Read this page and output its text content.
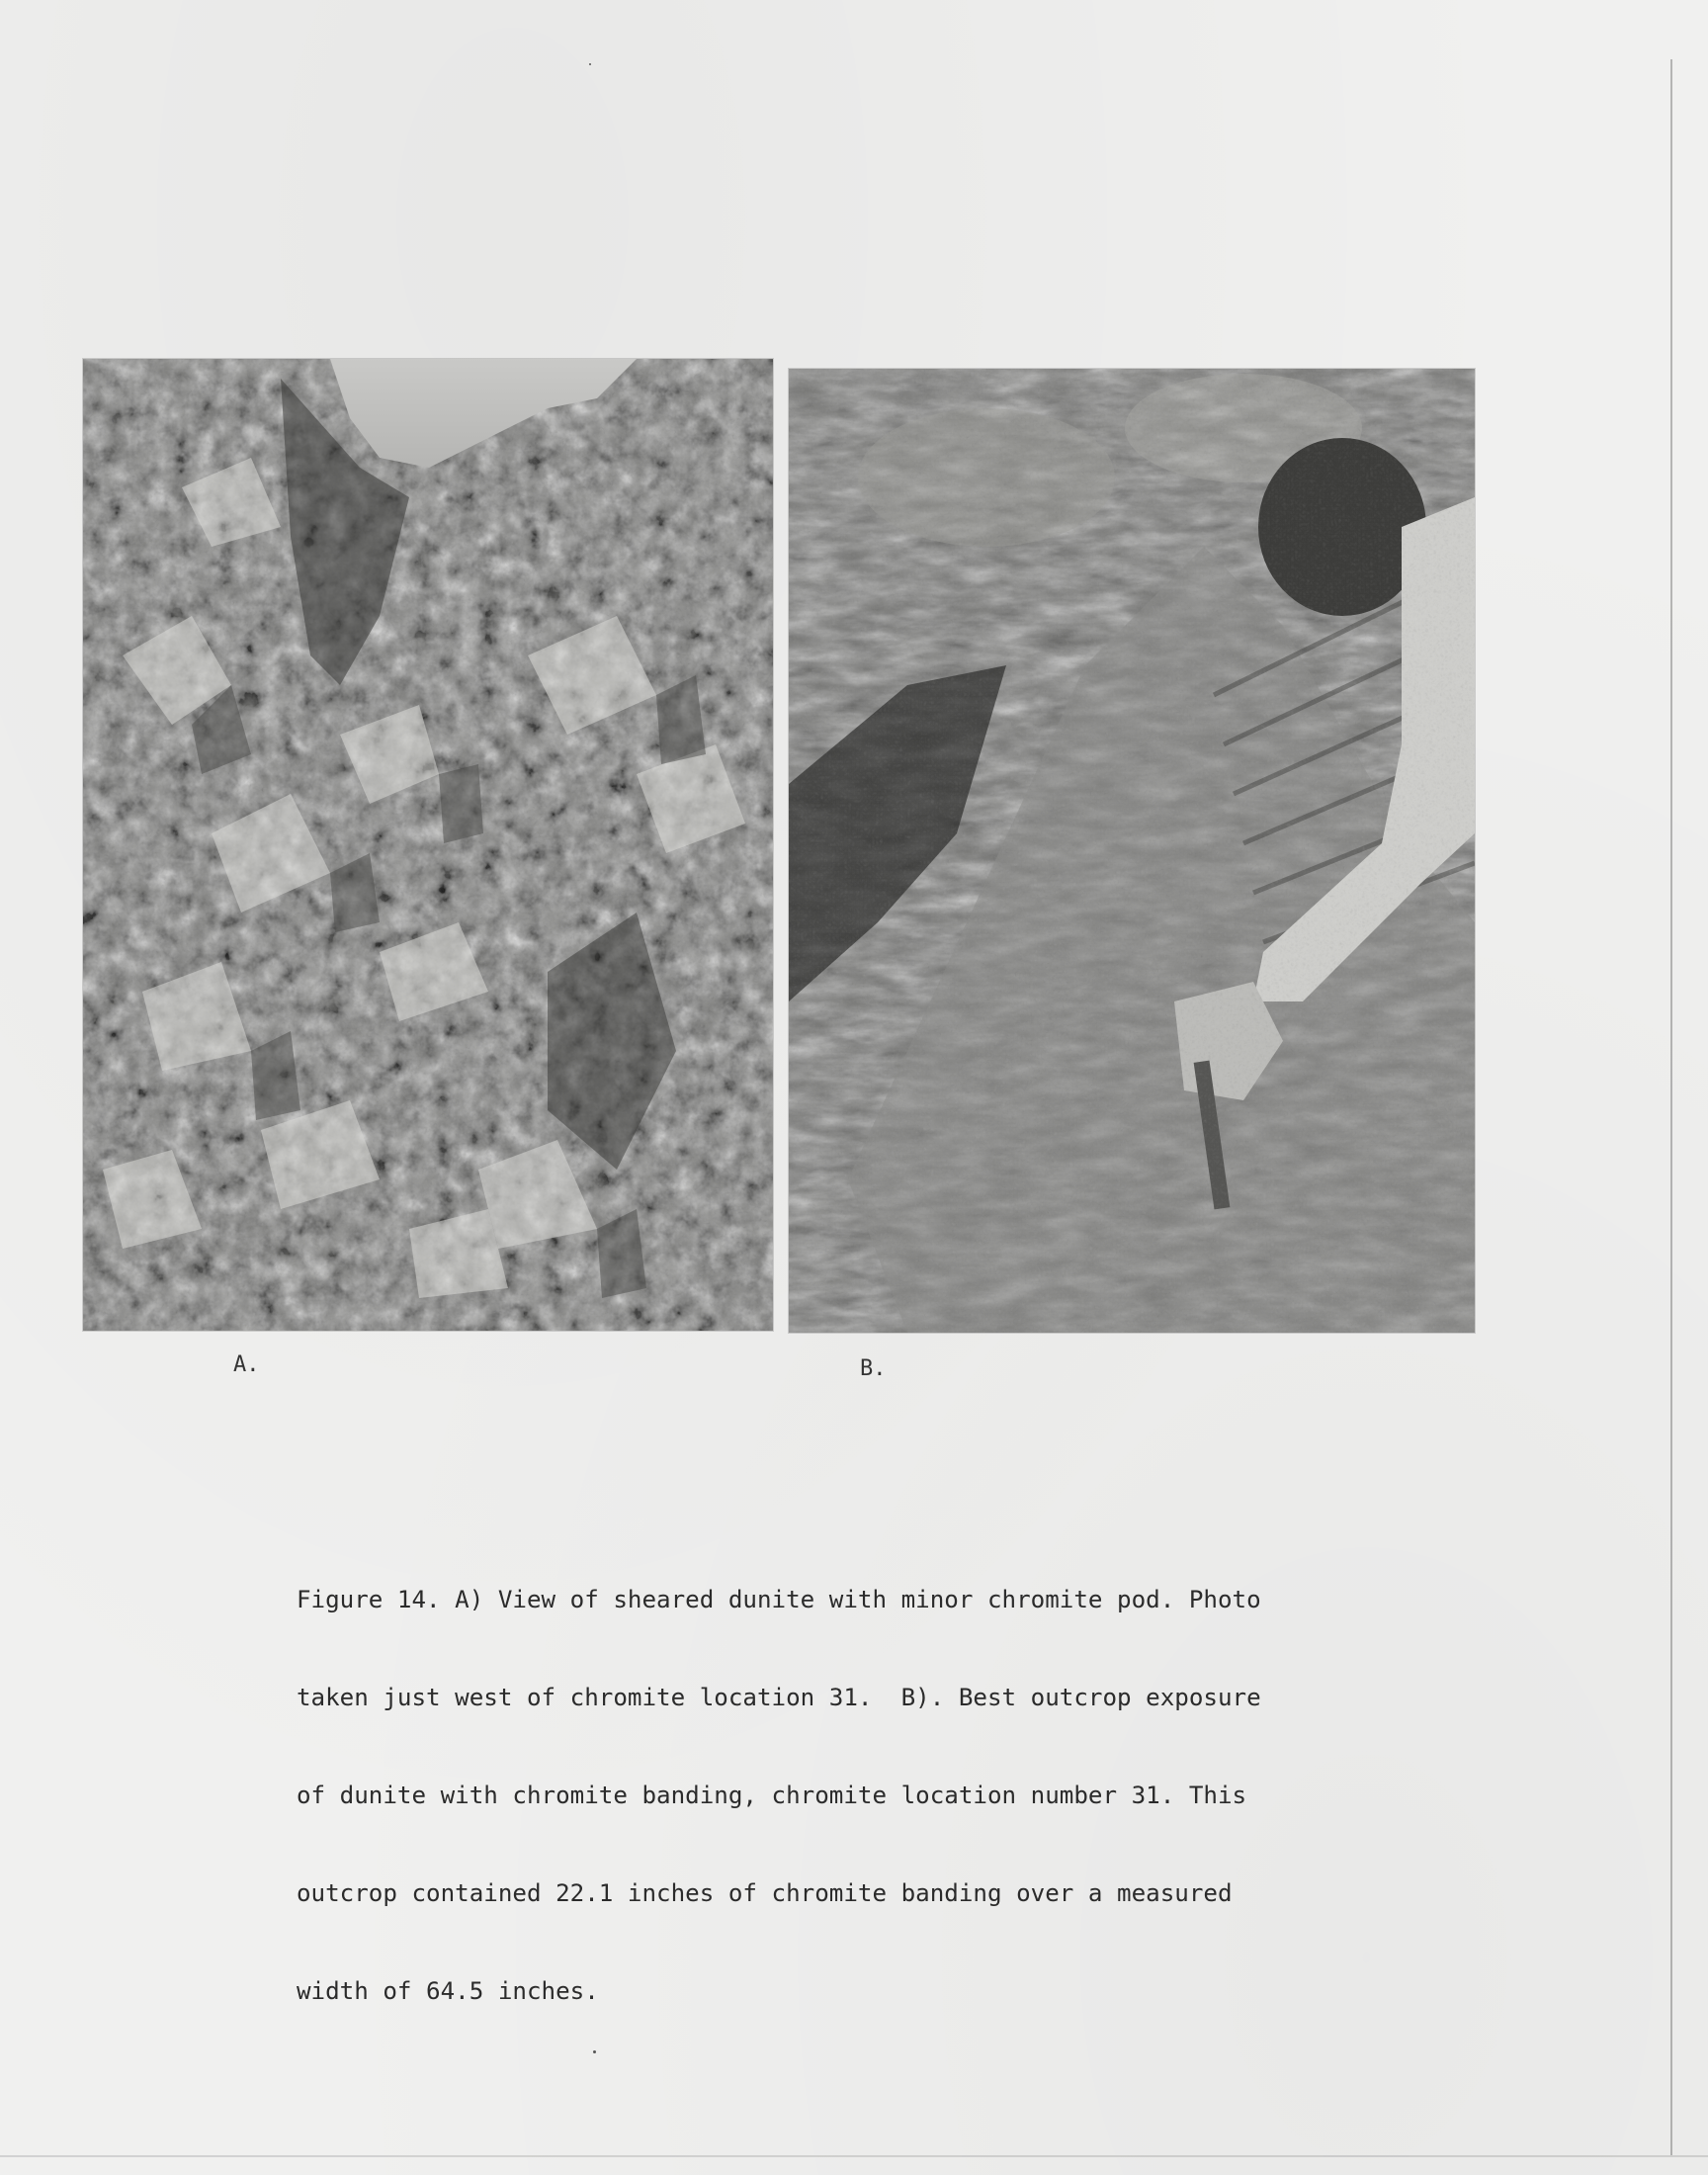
A.	B.

Figure 14. A) View of sheared dunite with minor chromite pod. Photo

taken just west of chromite location 31.  B). Best outcrop exposure

of dunite with chromite banding, chromite location number 31. This

outcrop contained 22.1 inches of chromite banding over a measured

width of 64.5 inches.
